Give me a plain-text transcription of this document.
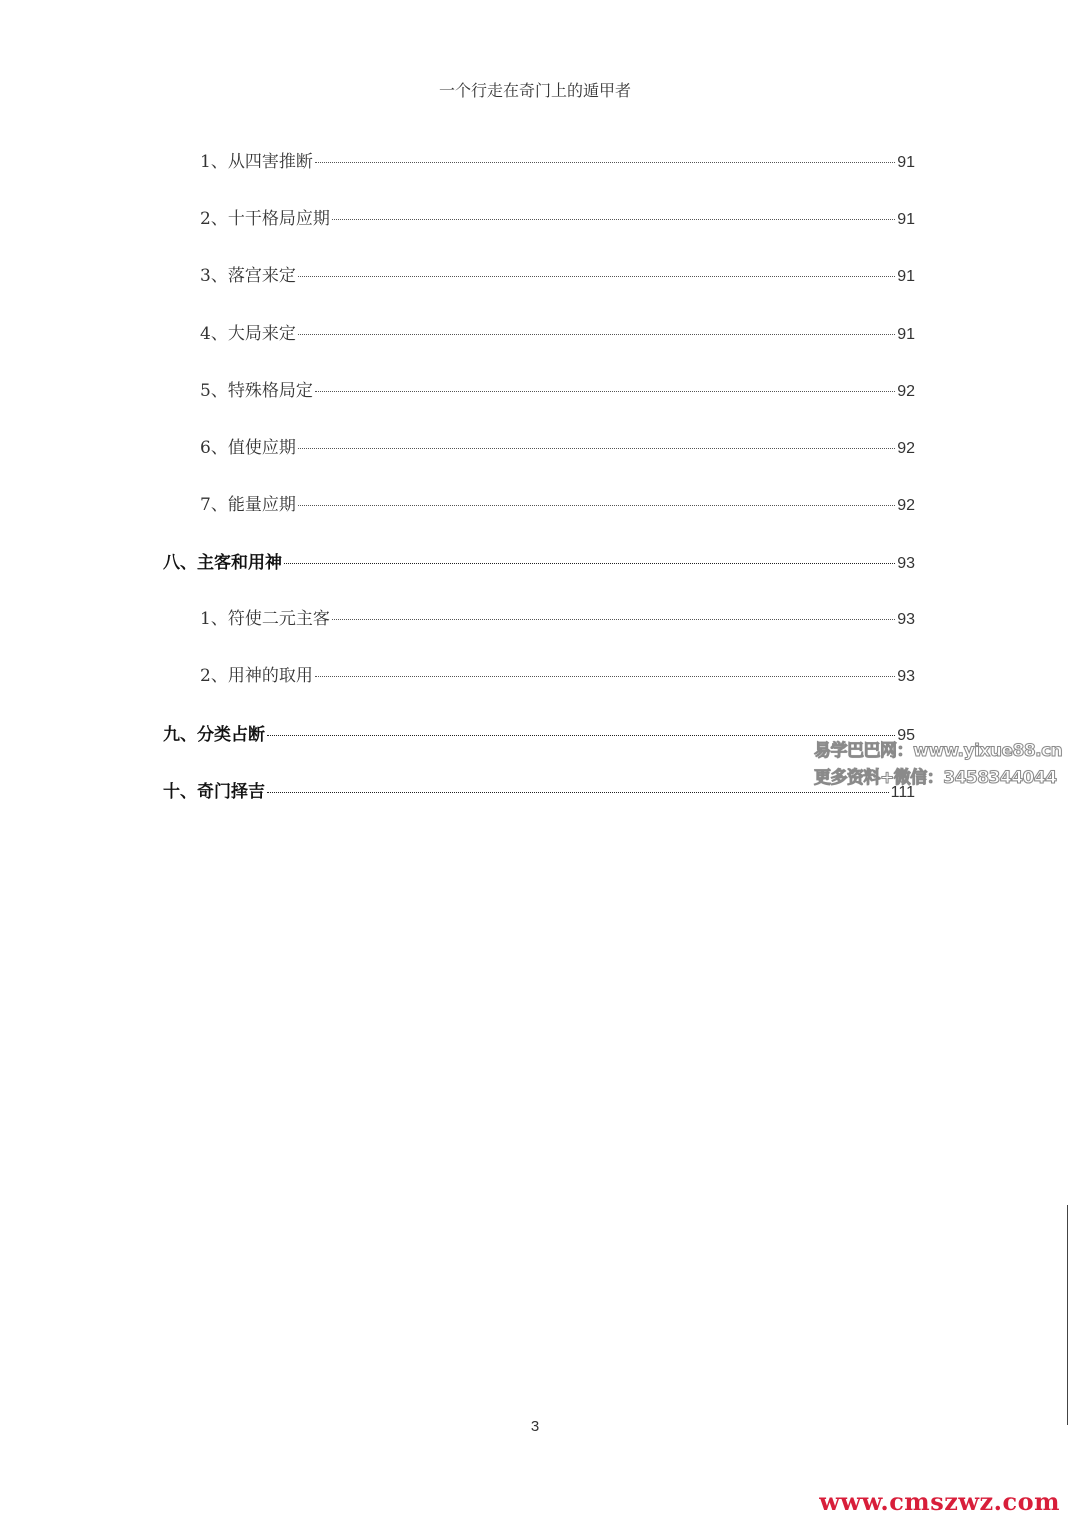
一个行走在奇门上的遁甲者
1、从四害推断	91
2、十干格局应期	91
3、落宫来定	91
4、大局来定	91
5、特殊格局定	92
6、值使应期	92
7、能量应期	92
八、主客和用神	93
1、符使二元主客	93
2、用神的取用	93
九、分类占断	95
十、奇门择吉	111
易学巴巴网：www.yixue88.cn
更多资料+微信：3458344044
3
www.cmszwz.com
